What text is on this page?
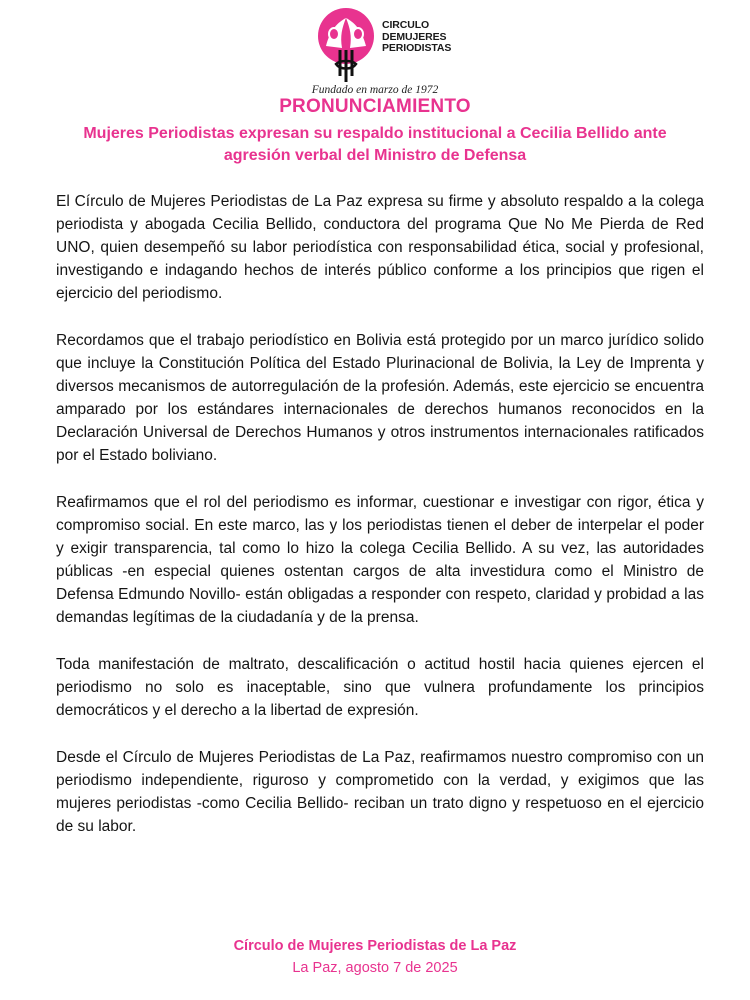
CIRCULO
DEMUJERES
PERIODISTAS
Fundado en marzo de 1972
PRONUNCIAMIENTO
Mujeres Periodistas expresan su respaldo institucional a Cecilia Bellido ante agresión verbal del Ministro de Defensa

El Círculo de Mujeres Periodistas de La Paz expresa su firme y absoluto respaldo a la colega periodista y abogada Cecilia Bellido, conductora del programa Que No Me Pierda de Red UNO, quien desempeñó su labor periodística con responsabilidad ética, social y profesional, investigando e indagando hechos de interés público conforme a los principios que rigen el ejercicio del periodismo.

Recordamos que el trabajo periodístico en Bolivia está protegido por un marco jurídico solido que incluye la Constitución Política del Estado Plurinacional de Bolivia, la Ley de Imprenta y diversos mecanismos de autorregulación de la profesión. Además, este ejercicio se encuentra amparado por los estándares internacionales de derechos humanos reconocidos en la Declaración Universal de Derechos Humanos y otros instrumentos internacionales ratificados por el Estado boliviano.

Reafirmamos que el rol del periodismo es informar, cuestionar e investigar con rigor, ética y compromiso social. En este marco, las y los periodistas tienen el deber de interpelar el poder y exigir transparencia, tal como lo hizo la colega Cecilia Bellido. A su vez, las autoridades públicas -en especial quienes ostentan cargos de alta investidura como el Ministro de Defensa Edmundo Novillo- están obligadas a responder con respeto, claridad y probidad a las demandas legítimas de la ciudadanía y de la prensa.

Toda manifestación de maltrato, descalificación o actitud hostil hacia quienes ejercen el periodismo no solo es inaceptable, sino que vulnera profundamente los principios democráticos y el derecho a la libertad de expresión.

Desde el Círculo de Mujeres Periodistas de La Paz, reafirmamos nuestro compromiso con un periodismo independiente, riguroso y comprometido con la verdad, y exigimos que las mujeres periodistas -como Cecilia Bellido- reciban un trato digno y respetuoso en el ejercicio de su labor.

Círculo de Mujeres Periodistas de La Paz
La Paz, agosto 7 de 2025
